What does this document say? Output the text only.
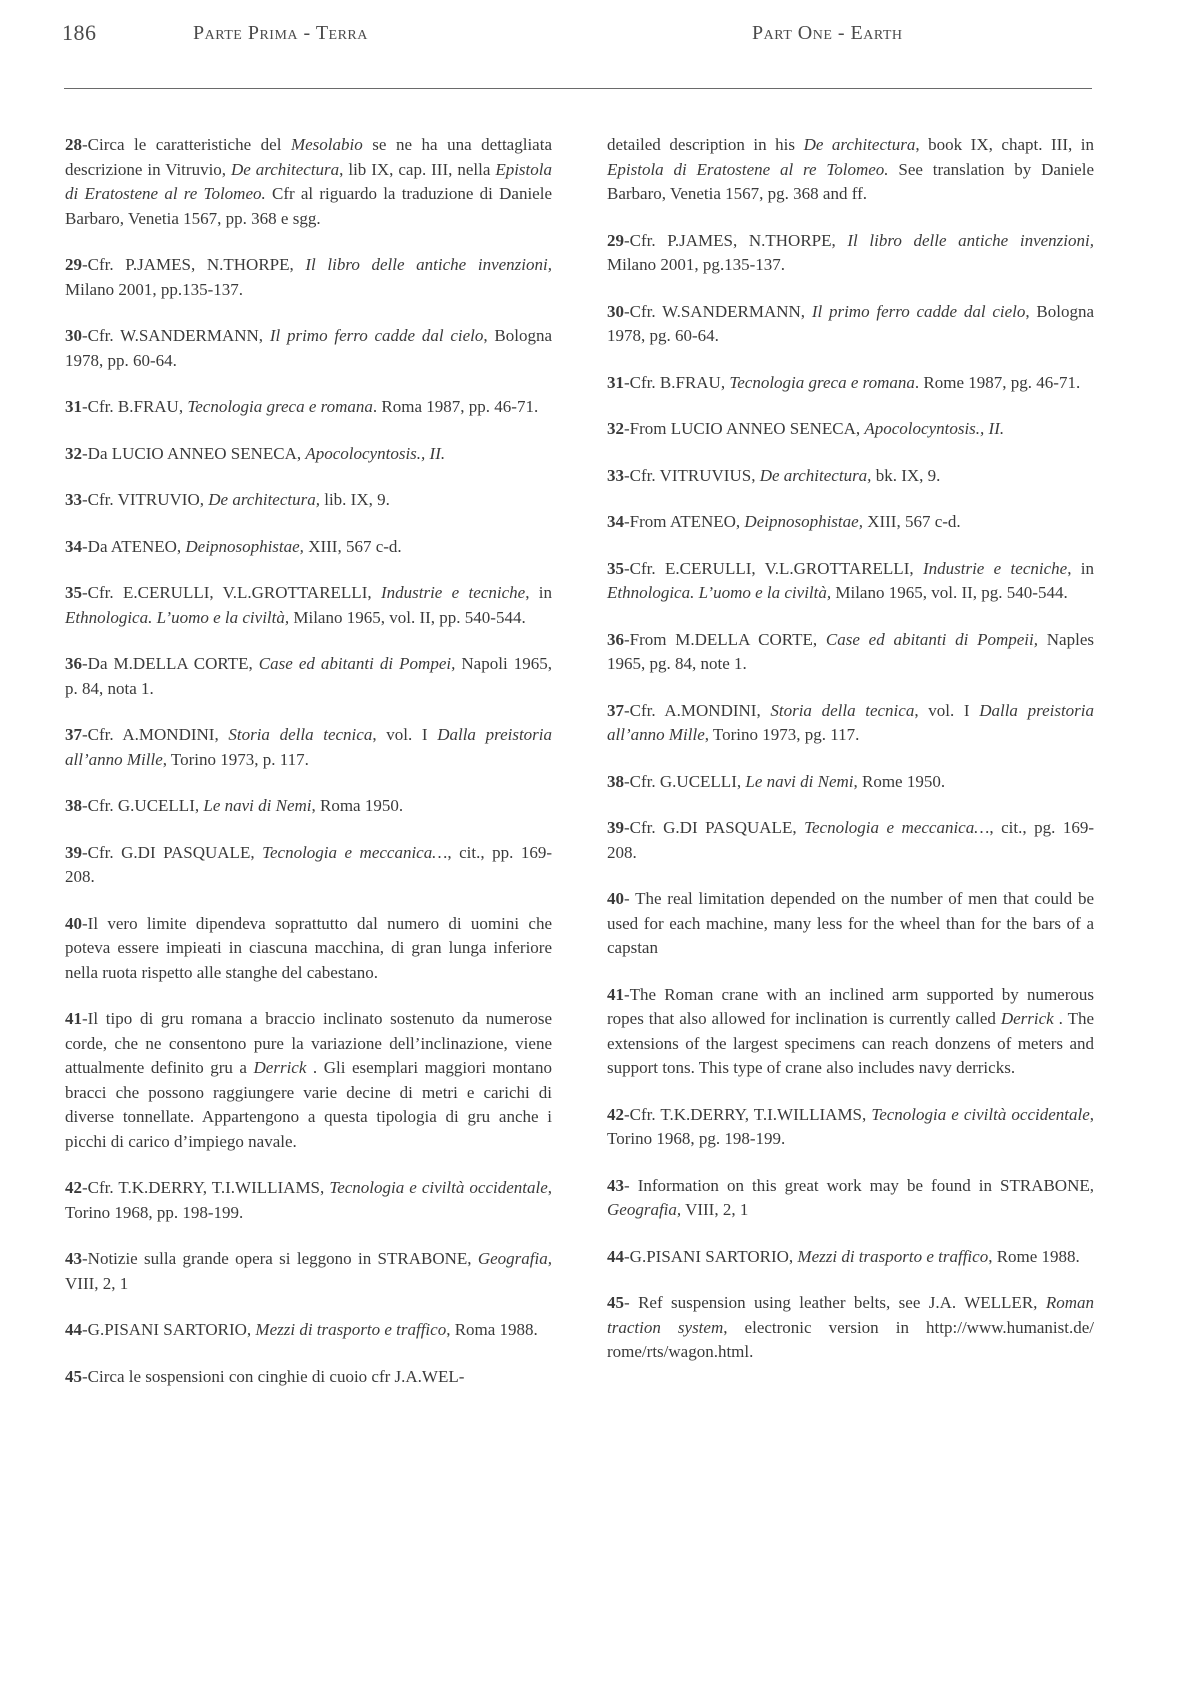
186	Parte Prima - Terra	Part One - Earth

28-Circa le caratteristiche del Mesolabio se ne ha una dettagliata descrizione in Vitruvio, De architectura, lib IX, cap. III, nella Epistola di Eratostene al re Tolomeo. Cfr al riguardo la traduzione di Daniele Barbaro, Venetia 1567, pp. 368 e sgg.

29-Cfr. P.JAMES, N.THORPE, Il libro delle antiche invenzioni, Milano 2001, pp.135-137.

30-Cfr. W.SANDERMANN, Il primo ferro cadde dal cielo, Bologna 1978, pp. 60-64.

31-Cfr. B.FRAU, Tecnologia greca e romana. Roma 1987, pp. 46-71.

32-Da LUCIO ANNEO SENECA, Apocolocyntosis., II.

33-Cfr. VITRUVIO, De architectura, lib. IX, 9.

34-Da ATENEO, Deipnosophistae, XIII, 567 c-d.

35-Cfr. E.CERULLI, V.L.GROTTARELLI, Industrie e tecniche, in Ethnologica. L’uomo e la civiltà, Milano 1965, vol. II, pp. 540-544.

36-Da M.DELLA CORTE, Case ed abitanti di Pompei, Napoli 1965, p. 84, nota 1.

37-Cfr. A.MONDINI, Storia della tecnica, vol. I Dalla preistoria all’anno Mille, Torino 1973, p. 117.

38-Cfr. G.UCELLI, Le navi di Nemi, Roma 1950.

39-Cfr. G.DI PASQUALE, Tecnologia e meccanica…, cit., pp. 169-208.

40-Il vero limite dipendeva soprattutto dal numero di uomini che poteva essere impieati in ciascuna macchina, di gran lunga inferiore nella ruota rispetto alle stanghe del cabestano.

41-Il tipo di gru romana a braccio inclinato sostenuto da numerose corde, che ne consentono pure la variazione dell’inclinazione, viene attualmente definito gru a Derrick . Gli esemplari maggiori montano bracci che possono raggiungere varie decine di metri e carichi di diverse tonnellate. Appartengono a questa tipologia di gru anche i picchi di carico d’impiego navale.

42-Cfr. T.K.DERRY, T.I.WILLIAMS, Tecnologia e civiltà occidentale, Torino 1968, pp. 198-199.

43-Notizie sulla grande opera si leggono in STRABONE, Geografia, VIII, 2, 1

44-G.PISANI SARTORIO, Mezzi di trasporto e traffico, Roma 1988.

45-Circa le sospensioni con cinghie di cuoio cfr J.A.WEL-

detailed description in his De architectura, book IX, chapt. III, in Epistola di Eratostene al re Tolomeo. See translation by Daniele Barbaro, Venetia 1567, pg. 368 and ff.

29-Cfr. P.JAMES, N.THORPE, Il libro delle antiche invenzioni, Milano 2001, pg.135-137.

30-Cfr. W.SANDERMANN, Il primo ferro cadde dal cielo, Bologna 1978, pg. 60-64.

31-Cfr. B.FRAU, Tecnologia greca e romana. Rome 1987, pg. 46-71.

32-From LUCIO ANNEO SENECA, Apocolocyntosis., II.

33-Cfr. VITRUVIUS, De architectura, bk. IX, 9.

34-From ATENEO, Deipnosophistae, XIII, 567 c-d.

35-Cfr. E.CERULLI, V.L.GROTTARELLI, Industrie e tecniche, in Ethnologica. L’uomo e la civiltà, Milano 1965, vol. II, pg. 540-544.

36-From M.DELLA CORTE, Case ed abitanti di Pompeii, Naples 1965, pg. 84, note 1.

37-Cfr. A.MONDINI, Storia della tecnica, vol. I Dalla preistoria all’anno Mille, Torino 1973, pg. 117.

38-Cfr. G.UCELLI, Le navi di Nemi, Rome 1950.

39-Cfr. G.DI PASQUALE, Tecnologia e meccanica…, cit., pg. 169-208.

40- The real limitation depended on the number of men that could be used for each machine, many less for the wheel than for the bars of a capstan

41-The Roman crane with an inclined arm supported by numerous ropes that also allowed for inclination is currently called Derrick . The extensions of the largest specimens can reach donzens of meters and support tons. This type of crane also includes navy derricks.

42-Cfr. T.K.DERRY, T.I.WILLIAMS, Tecnologia e civiltà occidentale, Torino 1968, pg. 198-199.

43- Information on this great work may be found in STRABONE, Geografia, VIII, 2, 1

44-G.PISANI SARTORIO, Mezzi di trasporto e traffico, Rome 1988.

45- Ref suspension using leather belts, see J.A. WELLER, Roman traction system, electronic version in http://www.humanist.de/ rome/rts/wagon.html.
